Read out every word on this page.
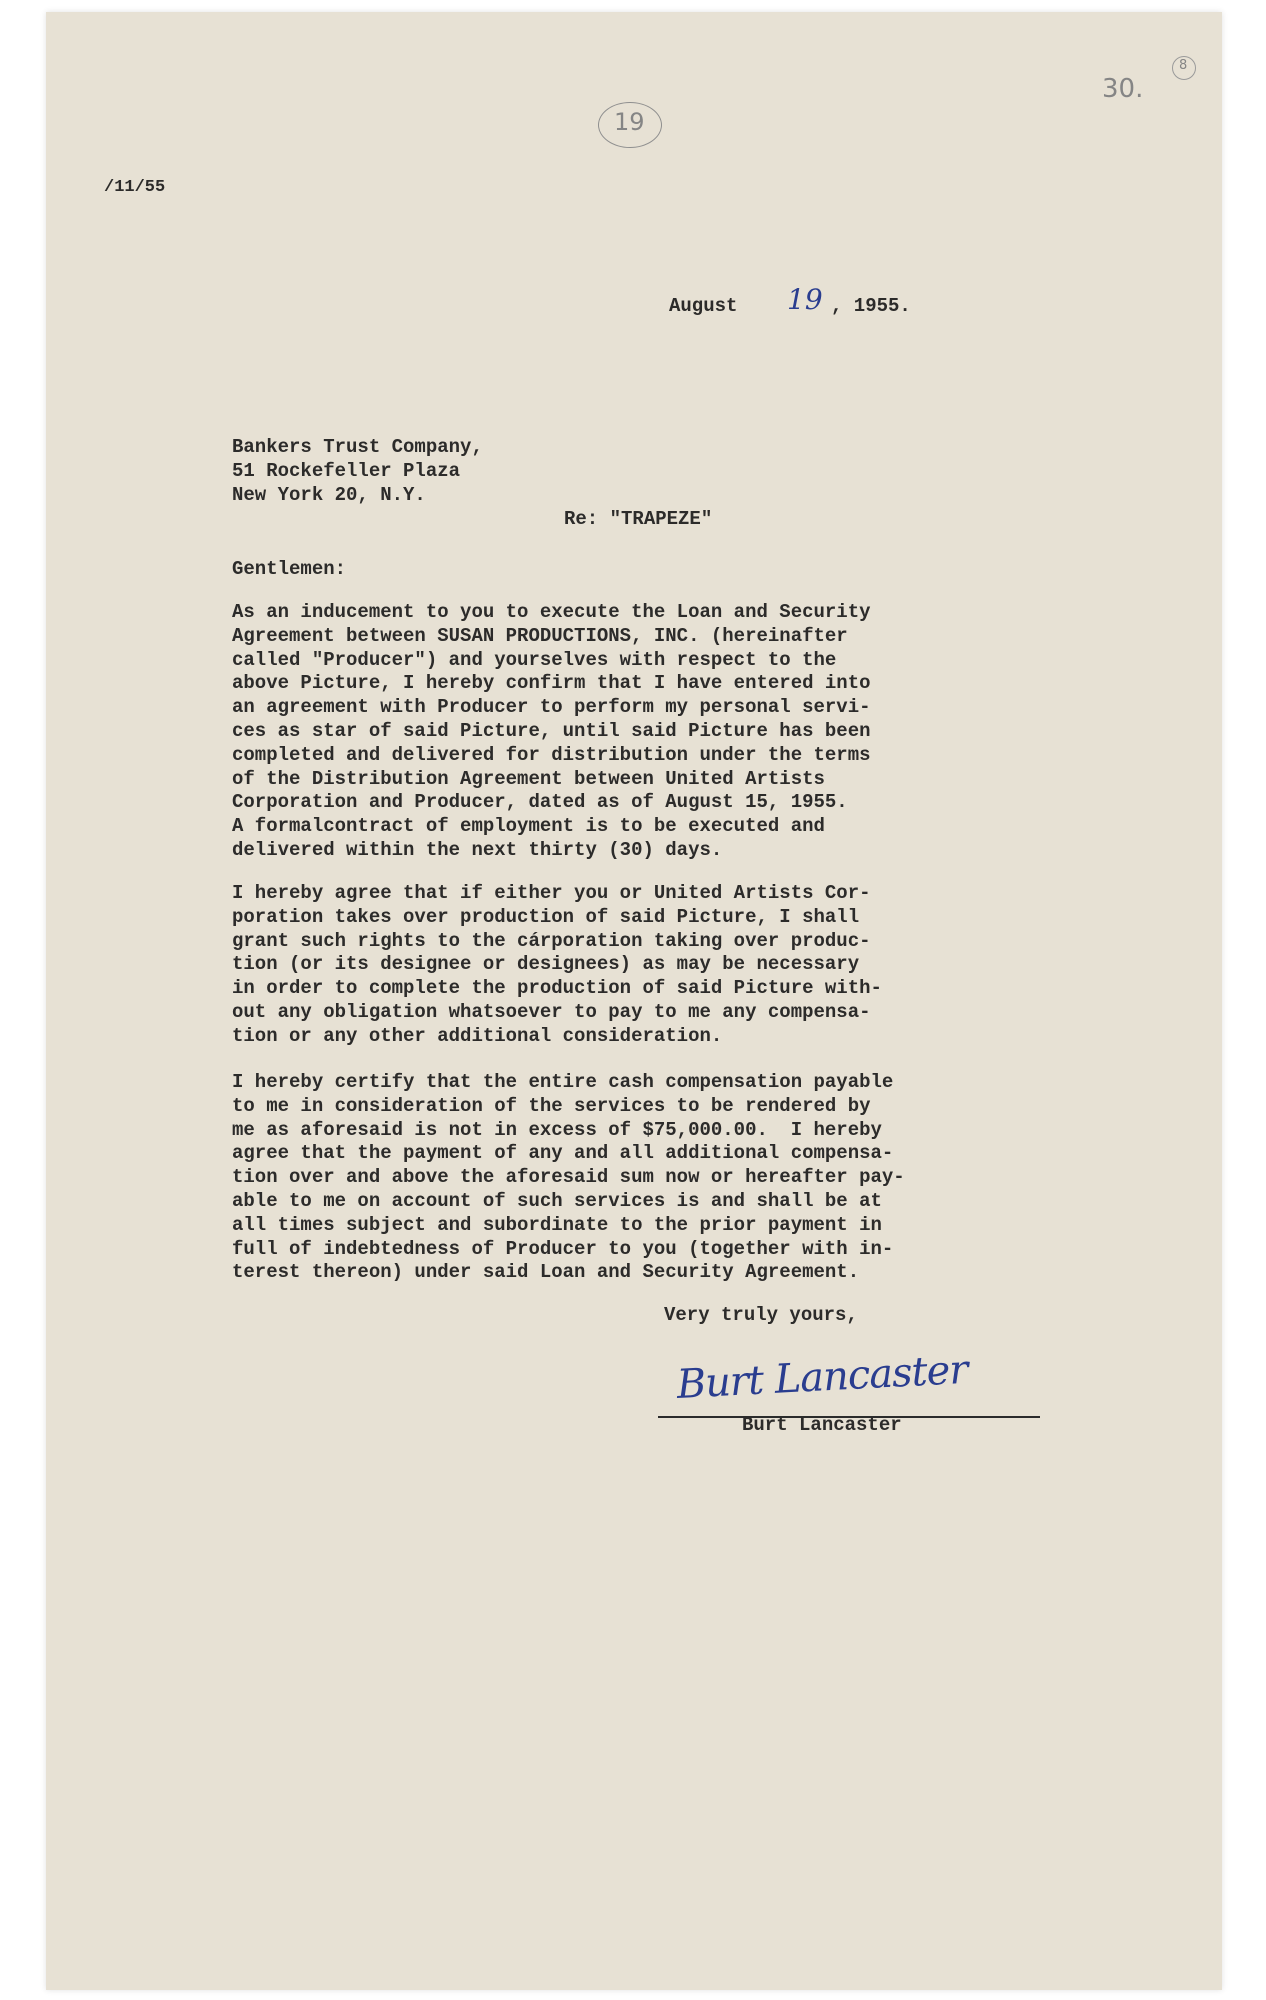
19
30.
8

/11/55

August 19 , 1955.
Bankers Trust Company,
51 Rockefeller Plaza
New York 20, N.Y.

Re: "TRAPEZE"

Gentlemen:

As an inducement to you to execute the Loan and Security
Agreement between SUSAN PRODUCTIONS, INC. (hereinafter
called "Producer") and yourselves with respect to the
above Picture, I hereby confirm that I have entered into
an agreement with Producer to perform my personal servi-
ces as star of said Picture, until said Picture has been
completed and delivered for distribution under the terms
of the Distribution Agreement between United Artists
Corporation and Producer, dated as of August 15, 1955.
A formalcontract of employment is to be executed and
delivered within the next thirty (30) days.
I hereby agree that if either you or United Artists Cor-
poration takes over production of said Picture, I shall
grant such rights to the cárporation taking over produc-
tion (or its designee or designees) as may be necessary
in order to complete the production of said Picture with-
out any obligation whatsoever to pay to me any compensa-
tion or any other additional consideration.
I hereby certify that the entire cash compensation payable
to me in consideration of the services to be rendered by
me as aforesaid is not in excess of $75,000.00.  I hereby
agree that the payment of any and all additional compensa-
tion over and above the aforesaid sum now or hereafter pay-
able to me on account of such services is and shall be at
all times subject and subordinate to the prior payment in
full of indebtedness of Producer to you (together with in-
terest thereon) under said Loan and Security Agreement.

Very truly yours,

Burt Lancaster

Burt Lancaster
